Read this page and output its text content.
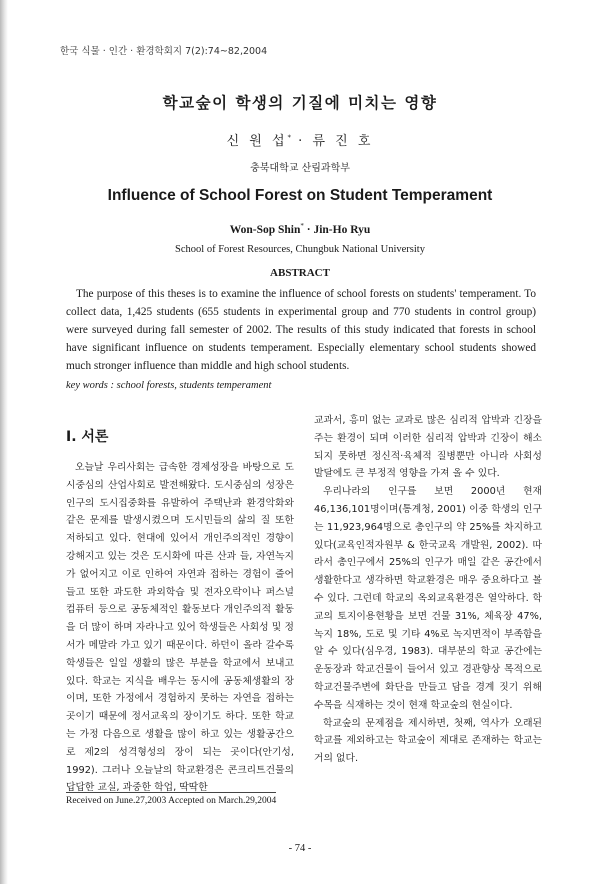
한국 식물 · 인간 · 환경학회지 7(2):74~82,2004
학교숲이 학생의 기질에 미치는 영향
신 원 섭* · 류 진 호
충북대학교 산림과학부
Influence of School Forest on Student Temperament
Won-Sop Shin* · Jin-Ho Ryu
School of Forest Resources, Chungbuk National University
ABSTRACT

The purpose of this theses is to examine the influence of school forests on students' temperament. To collect data, 1,425 students (655 students in experimental group and 770 students in control group) were surveyed during fall semester of 2002. The results of this study indicated that forests in school have significant influence on students temperament. Especially elementary school students showed much stronger influence than middle and high school students.

key words : school forests, students temperament
Ⅰ. 서론

오늘날 우리사회는 급속한 경제성장을 바탕으로 도시중심의 산업사회로 발전해왔다. 도시중심의 성장은 인구의 도시집중화를 유발하여 주택난과 환경악화와 같은 문제를 발생시켰으며 도시민들의 삶의 질 또한 저하되고 있다. 현대에 있어서 개인주의적인 경향이 강해지고 있는 것은 도시화에 따른 산과 들, 자연녹지가 없어지고 이로 인하여 자연과 접하는 경험이 줄어들고 또한 과도한 과외학습 및 전자오락이나 퍼스널 컴퓨터 등으로 공동체적인 활동보다 개인주의적 활동을 더 많이 하며 자라나고 있어 학생들은 사회성 및 정서가 메말라 가고 있기 때문이다. 하던이 올라 갈수록 학생들은 일일 생활의 많은 부분을 학교에서 보내고 있다. 학교는 지식을 배우는 동시에 공동체생활의 장이며, 또한 가정에서 경험하지 못하는 자연을 접하는 곳이기 때문에 정서교육의 장이기도 하다. 또한 학교는 가정 다음으로 생활을 많이 하고 있는 생활공간으로 제2의 성격형성의 장이 되는 곳이다(안기성, 1992). 그러나 오늘날의 학교환경은 콘크리트건물의 답답한 교실, 과중한 학업, 딱딱한

교과서, 흥미 없는 교과로 많은 심리적 압박과 긴장을 주는 환경이 되며 이러한 심리적 압박과 긴장이 해소되지 못하면 정신적·육체적 질병뿐만 아니라 사회성 발달에도 큰 부정적 영향을 가져 올 수 있다.

우리나라의 인구를 보면 2000년 현재 46,136,101명이며(통계청, 2001) 이중 학생의 인구는 11,923,964명으로 총인구의 약 25%를 차지하고 있다(교육인적자원부 & 한국교육 개발원, 2002). 따라서 총인구에서 25%의 인구가 매일 같은 공간에서 생활한다고 생각하면 학교환경은 매우 중요하다고 볼 수 있다. 그런데 학교의 옥외교육환경은 열악하다. 학교의 토지이용현황을 보면 건물 31%, 체육장 47%, 녹지 18%, 도로 및 기타 4%로 녹지면적이 부족함을 알 수 있다(심우경, 1983). 대부분의 학교 공간에는 운동장과 학교건물이 들어서 있고 경관향상 목적으로 학교건물주변에 화단을 만들고 담을 경계 짓기 위해 수목을 식재하는 것이 현재 학교숲의 현실이다.

학교숲의 문제점을 제시하면, 첫째, 역사가 오래된 학교를 제외하고는 학교숲이 제대로 존재하는 학교는 거의 없다.

Received on June.27,2003 Accepted on March.29,2004
- 74 -
